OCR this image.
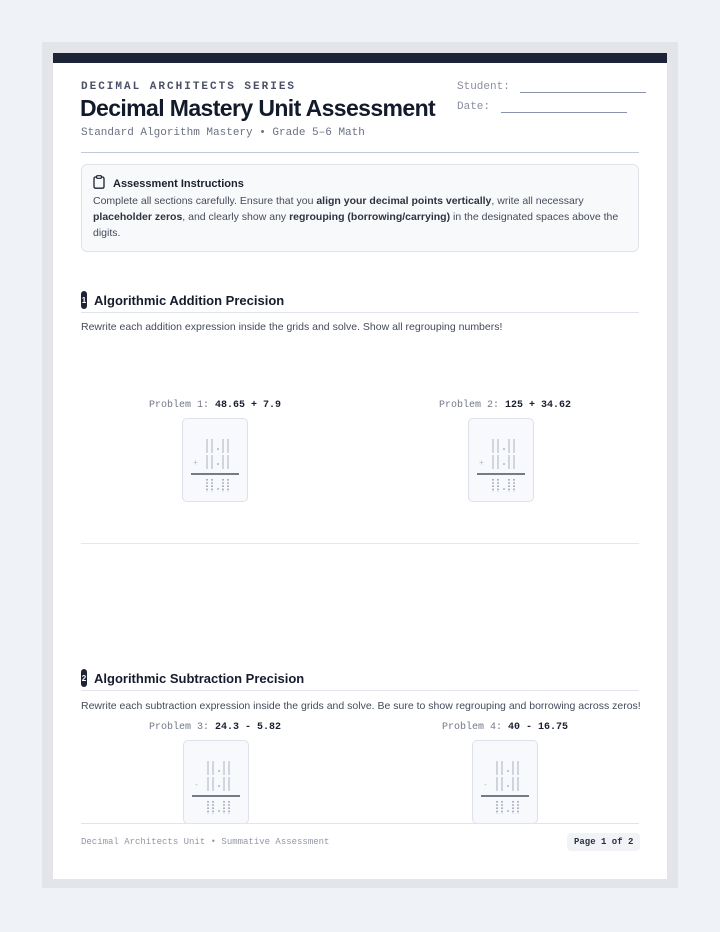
DECIMAL ARCHITECTS SERIES
Decimal Mastery Unit Assessment
Standard Algorithm Mastery • Grade 5–6 Math
Student:
Date:
Assessment Instructions
Complete all sections carefully. Ensure that you align your decimal points vertically, write all necessary placeholder zeros, and clearly show any regrouping (borrowing/carrying) in the designated spaces above the digits.
1 Algorithmic Addition Precision
Rewrite each addition expression inside the grids and solve. Show all regrouping numbers!
Problem 1: 48.65 + 7.9
+
Problem 2: 125 + 34.62
+
2 Algorithmic Subtraction Precision
Rewrite each subtraction expression inside the grids and solve. Be sure to show regrouping and borrowing across zeros!
Problem 3: 24.3 - 5.82
-
Problem 4: 40 - 16.75
-
Decimal Architects Unit • Summative Assessment	Page 1 of 2
